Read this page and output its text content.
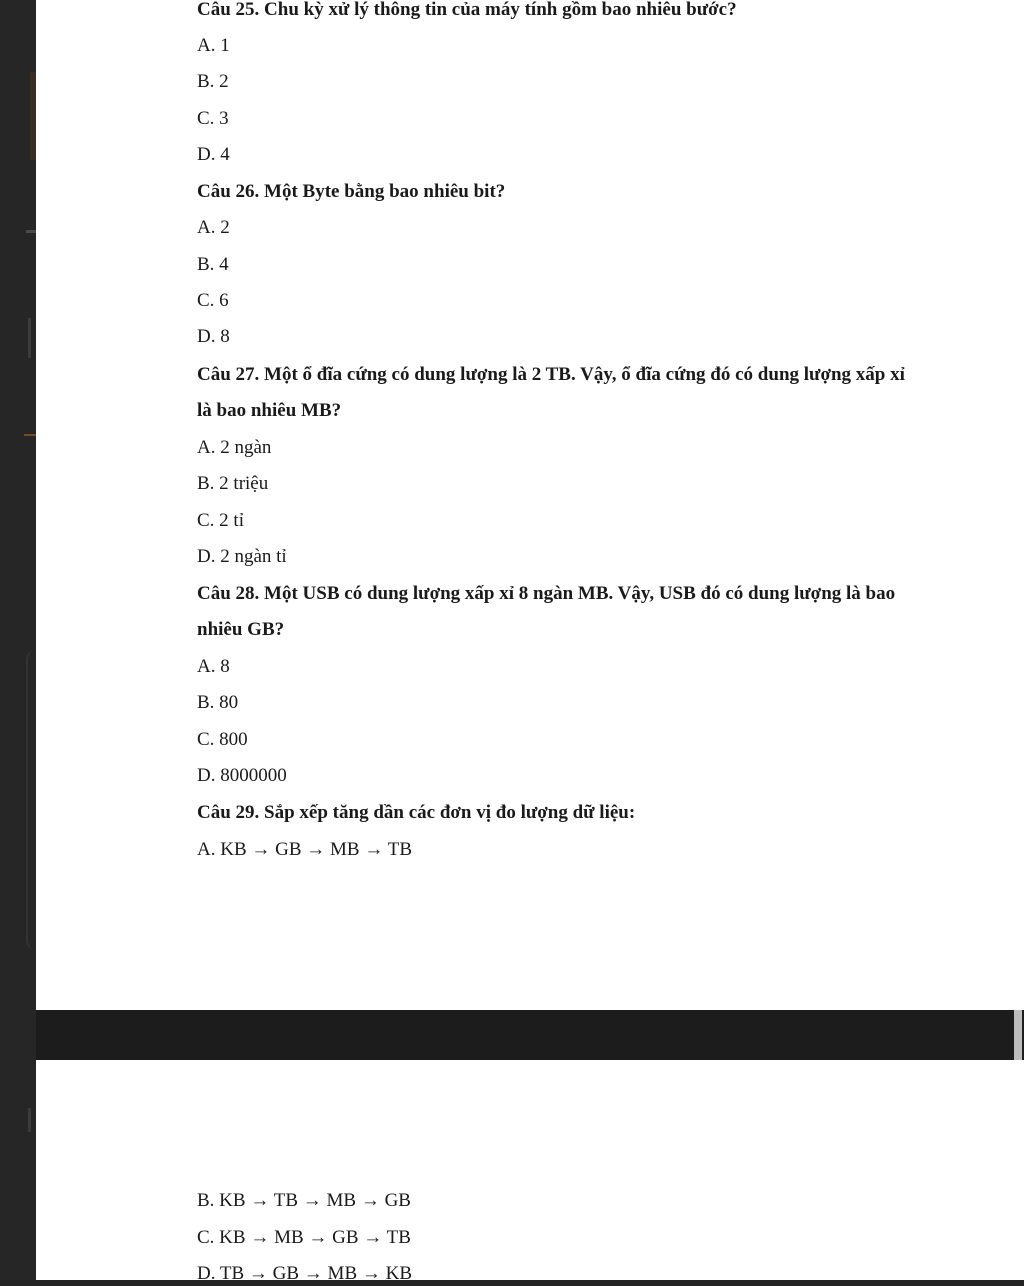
Câu 25. Chu kỳ xử lý thông tin của máy tính gồm bao nhiêu bước?
A. 1
B. 2
C. 3
D. 4
Câu 26. Một Byte bằng bao nhiêu bit?
A. 2
B. 4
C. 6
D. 8
Câu 27. Một ổ đĩa cứng có dung lượng là 2 TB. Vậy, ổ đĩa cứng đó có dung lượng xấp xỉ
là bao nhiêu MB?
A. 2 ngàn
B. 2 triệu
C. 2 tỉ
D. 2 ngàn tỉ
Câu 28. Một USB có dung lượng xấp xỉ 8 ngàn MB. Vậy, USB đó có dung lượng là bao
nhiêu GB?
A. 8
B. 80
C. 800
D. 8000000
Câu 29. Sắp xếp tăng dần các đơn vị đo lượng dữ liệu:
A. KB → GB → MB → TB
B. KB → TB → MB → GB
C. KB → MB → GB → TB
D. TB → GB → MB → KB
